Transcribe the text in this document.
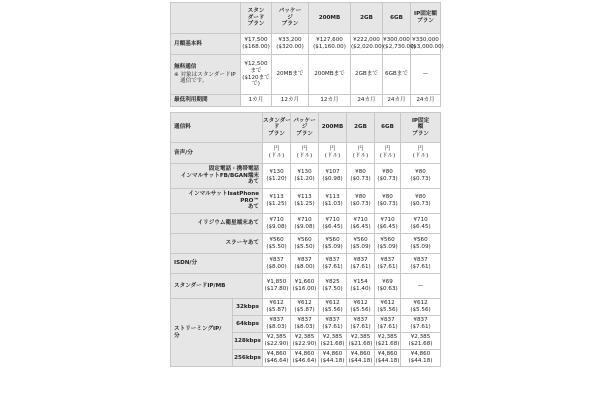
	スタン
ダード
プラン	パッケー
ジ
プラン	200MB	2GB	6GB	IP固定額
プラン

月額基本料	¥17,500
($168.00)	¥33,200
($320.00)	¥127,600
($1,160.00)	¥222,000
($2,020.00)	¥300,000
($2,730.00)	¥330,000
($3,000.00)

無料通信
※ 対象はスタンダードIP
通信です。	¥12,500
まで
($120まで
で)	20MBまで	200MBまで	2GBまで	6GBまで	—
最低利用期間	1カ月	12カ月	12カ月	24カ月	24カ月	24カ月
通信料		スタンダー
ド
プラン	パッケー
ジ
プラン	200MB	2GB	6GB	IP固定
額
プラン

音声/分		円
(ドル)	円
(ドル)	円
(ドル)	円
(ドル)	円
(ドル)	円
(ドル)

固定電話・携帯電話
インマルサットFB/BGAN端末
あて		¥130
($1.20)	¥130
($1.20)	¥107
($0.98)	¥80
($0.73)	¥80
($0.73)	¥80
($0.73)

インマルサットIsatPhone
PRO™
あて		¥113
($1.25)	¥113
($1.25)	¥113
($1.03)	¥80
($0.73)	¥80
($0.73)	¥80
($0.73)

イリジウム衛星端末あて		¥710
($9.08)	¥710
($9.08)	¥710
($6.45)	¥710
($6.45)	¥710
($6.45)	¥710
($6.45)

スラーヤあて		¥560
($5.50)	¥560
($5.50)	¥560
($5.09)	¥560
($5.09)	¥560
($5.09)	¥560
($5.09)

ISDN/分		¥837
($8.00)	¥837
($8.00)	¥837
($7.61)	¥837
($7.61)	¥837
($7.61)	¥837
($7.61)

スタンダードIP/MB		¥1,850
($17.80)	¥1,660
($16.00)	¥825
($7.50)	¥154
($1.40)	¥69
($0.63)	—

ストリーミングIP/
分	32kbps	¥612
($5.87)	¥612
($5.87)	¥612
($5.56)	¥612
($5.56)	¥612
($5.56)	¥612
($5.56)

	64kbps	¥837
($8.03)	¥837
($8.03)	¥837
($7.61)	¥837
($7.61)	¥837
($7.61)	¥837
($7.61)

	128kbps	¥2,385
($22.90)	¥2,385
($22.90)	¥2,385
($21.68)	¥2,385
($21.68)	¥2,385
($21.68)	¥2,385
($21.68)

	256kbps	¥4,860
($46.64)	¥4,860
($46.64)	¥4,860
($44.18)	¥4,860
($44.18)	¥4,860
($44.18)	¥4,860
($44.18)
